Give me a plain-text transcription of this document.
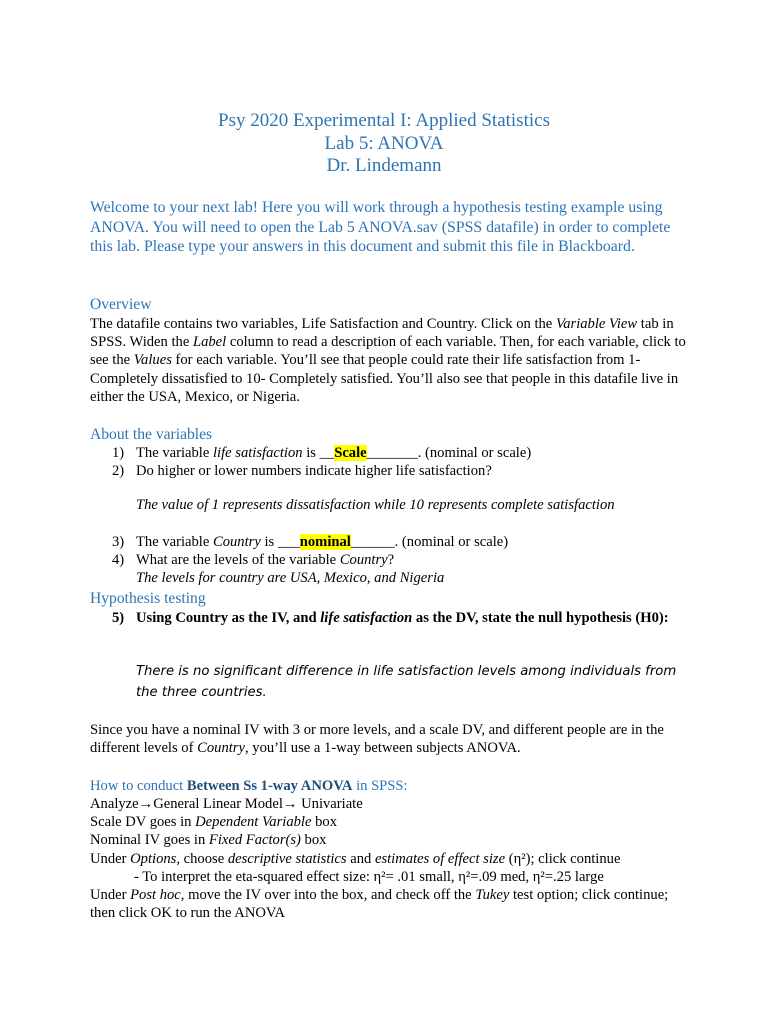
Psy 2020 Experimental I: Applied Statistics
Lab 5: ANOVA
Dr. Lindemann
Welcome to your next lab! Here you will work through a hypothesis testing example using ANOVA. You will need to open the Lab 5 ANOVA.sav (SPSS datafile) in order to complete this lab. Please type your answers in this document and submit this file in Blackboard.
Overview
The datafile contains two variables, Life Satisfaction and Country. Click on the Variable View tab in SPSS. Widen the Label column to read a description of each variable. Then, for each variable, click to see the Values for each variable. You’ll see that people could rate their life satisfaction from 1-Completely dissatisfied to 10- Completely satisfied. You’ll also see that people in this datafile live in either the USA, Mexico, or Nigeria.
About the variables
1) The variable life satisfaction is __Scale_______. (nominal or scale)
2) Do higher or lower numbers indicate higher life satisfaction?
The value of 1 represents dissatisfaction while 10 represents complete satisfaction
3) The variable Country is ___nominal______. (nominal or scale)
4) What are the levels of the variable Country?
The levels for country are USA, Mexico, and Nigeria
Hypothesis testing
5) Using Country as the IV, and life satisfaction as the DV, state the null hypothesis (H0):
There is no significant difference in life satisfaction levels among individuals from the three countries.
Since you have a nominal IV with 3 or more levels, and a scale DV, and different people are in the different levels of Country, you’ll use a 1-way between subjects ANOVA.
How to conduct Between Ss 1-way ANOVA in SPSS:
Analyze→General Linear Model→ Univariate
Scale DV goes in Dependent Variable box
Nominal IV goes in Fixed Factor(s) box
Under Options, choose descriptive statistics and estimates of effect size (η²); click continue
- To interpret the eta-squared effect size: η²= .01 small, η²=.09 med, η²=.25 large
Under Post hoc, move the IV over into the box, and check off the Tukey test option; click continue; then click OK to run the ANOVA
